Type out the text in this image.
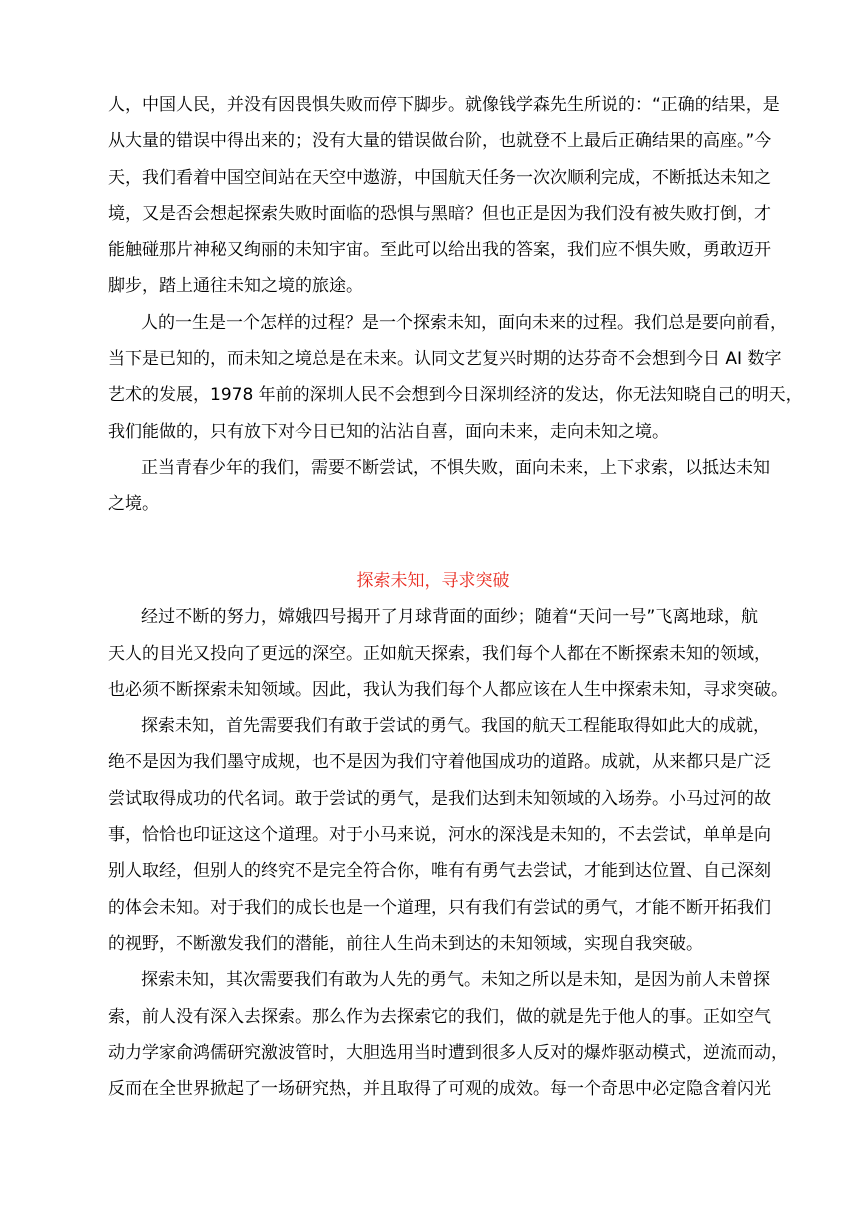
人，中国人民，并没有因畏惧失败而停下脚步。就像钱学森先生所说的：“正确的结果，是
从大量的错误中得出来的；没有大量的错误做台阶，也就登不上最后正确结果的高座。”今
天，我们看着中国空间站在天空中遨游，中国航天任务一次次顺利完成，不断抵达未知之
境，又是否会想起探索失败时面临的恐惧与黑暗？但也正是因为我们没有被失败打倒，才
能触碰那片神秘又绚丽的未知宇宙。至此可以给出我的答案，我们应不惧失败，勇敢迈开
脚步，踏上通往未知之境的旅途。
人的一生是一个怎样的过程？是一个探索未知，面向未来的过程。我们总是要向前看，
当下是已知的，而未知之境总是在未来。认同文艺复兴时期的达芬奇不会想到今日 AI 数字
艺术的发展，1978 年前的深圳人民不会想到今日深圳经济的发达，你无法知晓自己的明天，
我们能做的，只有放下对今日已知的沾沾自喜，面向未来，走向未知之境。
正当青春少年的我们，需要不断尝试，不惧失败，面向未来，上下求索，以抵达未知
之境。
探索未知，寻求突破
经过不断的努力，嫦娥四号揭开了月球背面的面纱；随着“天问一号”飞离地球，航
天人的目光又投向了更远的深空。正如航天探索，我们每个人都在不断探索未知的领域，
也必须不断探索未知领域。因此，我认为我们每个人都应该在人生中探索未知，寻求突破。
探索未知，首先需要我们有敢于尝试的勇气。我国的航天工程能取得如此大的成就，
绝不是因为我们墨守成规，也不是因为我们守着他国成功的道路。成就，从来都只是广泛
尝试取得成功的代名词。敢于尝试的勇气，是我们达到未知领域的入场券。小马过河的故
事，恰恰也印证这这个道理。对于小马来说，河水的深浅是未知的，不去尝试，单单是向
别人取经，但别人的终究不是完全符合你，唯有有勇气去尝试，才能到达位置、自己深刻
的体会未知。对于我们的成长也是一个道理，只有我们有尝试的勇气，才能不断开拓我们
的视野，不断激发我们的潜能，前往人生尚未到达的未知领域，实现自我突破。
探索未知，其次需要我们有敢为人先的勇气。未知之所以是未知，是因为前人未曾探
索，前人没有深入去探索。那么作为去探索它的我们，做的就是先于他人的事。正如空气
动力学家俞鸿儒研究激波管时，大胆选用当时遭到很多人反对的爆炸驱动模式，逆流而动，
反而在全世界掀起了一场研究热，并且取得了可观的成效。每一个奇思中必定隐含着闪光
